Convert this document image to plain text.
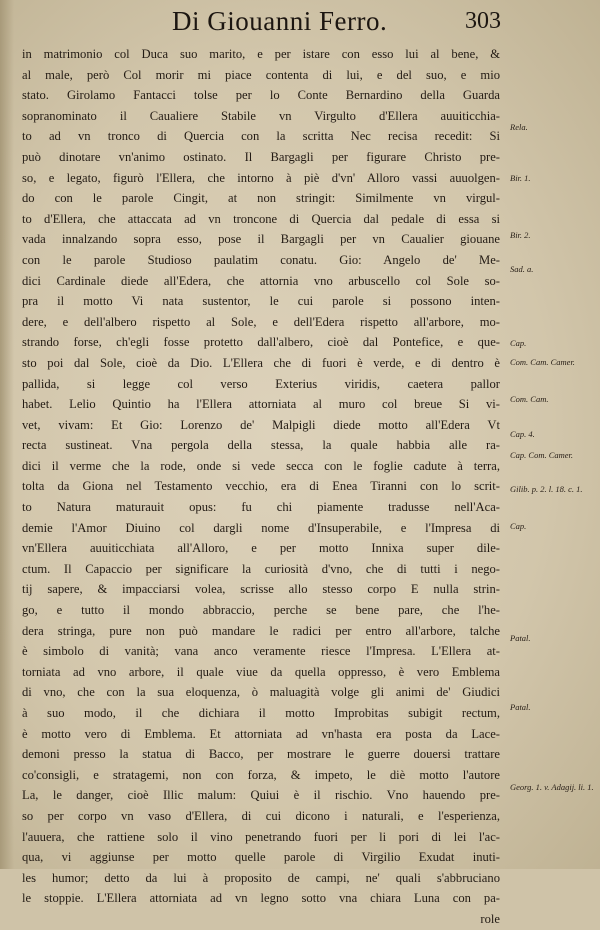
Di Giouanni Ferro.	303
in matrimonio col Duca suo marito, e per istare con esso lui al bene, &
al male, però Col morir mi piace contenta di lui, e del suo, e mio
stato. Girolamo Fantacci tolse per lo Conte Bernardino della Guarda
sopranominato il Caualiere Stabile vn Virgulto d'Ellera auuiticchia-
to ad vn tronco di Quercia con la scritta Nec recisa recedit: Si
può dinotare vn'animo ostinato. Il Bargagli per figurare Christo pre-
so, e legato, figurò l'Ellera, che intorno à piè d'vn' Alloro vassi auuolgen-
do con le parole Cingit, at non stringit: Similmente vn virgul-
to d'Ellera, che attaccata ad vn troncone di Quercia dal pedale di essa si
vada innalzando sopra esso, pose il Bargagli per vn Caualier giouane
con le parole Studioso paulatim conatu. Gio: Angelo de' Me-
dici Cardinale diede all'Edera, che attornia vno arbuscello col Sole so-
pra il motto Vi nata sustentor, le cui parole si possono inten-
dere, e dell'albero rispetto al Sole, e dell'Edera rispetto all'arbore, mo-
strando forse, ch'egli fosse protetto dall'albero, cioè dal Pontefice, e que-
sto poi dal Sole, cioè da Dio. L'Ellera che di fuori è verde, e di dentro è
pallida, si legge col verso Exterius viridis, caetera pallor
habet. Lelio Quintio ha l'Ellera attorniata al muro col breue Si vi-
vet, vivam: Et Gio: Lorenzo de' Malpigli diede motto all'Edera Vt
recta sustineat. Vna pergola della stessa, la quale habbia alle ra-
dici il verme che la rode, onde si vede secca con le foglie cadute à terra,
tolta da Giona nel Testamento vecchio, era di Enea Tiranni con lo scrit-
to Natura maturauit opus: fu chi piamente tradusse nell'Aca-
demie l'Amor Diuino col dargli nome d'Insuperabile, e l'Impresa di
vn'Ellera auuiticchiata all'Alloro, e per motto Innixa super dile-
ctum. Il Capaccio per significare la curiosità d'vno, che di tutti i nego-
tij sapere, & impacciarsi volea, scrisse allo stesso corpo E nulla strin-
go, e tutto il mondo abbraccio, perche se bene pare, che l'he-
dera stringa, pure non può mandare le radici per entro all'arbore, talche
è simbolo di vanità; vana anco veramente riesce l'Impresa. L'Ellera at-
torniata ad vno arbore, il quale viue da quella oppresso, è vero Emblema
di vno, che con la sua eloquenza, ò maluagità volge gli animi de' Giudici
à suo modo, il che dichiara il motto Improbitas subigit rectum,
è motto vero di Emblema. Et attorniata ad vn'hasta era posta da Lace-
demoni presso la statua di Bacco, per mostrare le guerre douersi trattare
co'consigli, e stratagemi, non con forza, & impeto, le diè motto l'autore
La, le danger, cioè Illic malum: Quiui è il rischio. Vno hauendo pre-
so per corpo vn vaso d'Ellera, di cui dicono i naturali, e l'esperienza,
l'auuera, che rattiene solo il vino penetrando fuori per li pori di lei l'ac-
qua, vi aggiunse per motto quelle parole di Virgilio Exudat inuti-
les humor; detto da lui à proposito de campi, ne' quali s'abbruciano
le stoppie. L'Ellera attorniata ad vn legno sotto vna chiara Luna con pa-
role
Rela.
Bir. 1.
Bir. 2.
Sad. a.
Cap.
Com. Cam. Camer.
Com. Cam.
Cap. 4.
Cap. Com. Camer.
Gilib. p. 2. l. 18. c. 1.
Cap.
Patal.
Patal.
Georg. 1. v. Adagij. li. 1.
